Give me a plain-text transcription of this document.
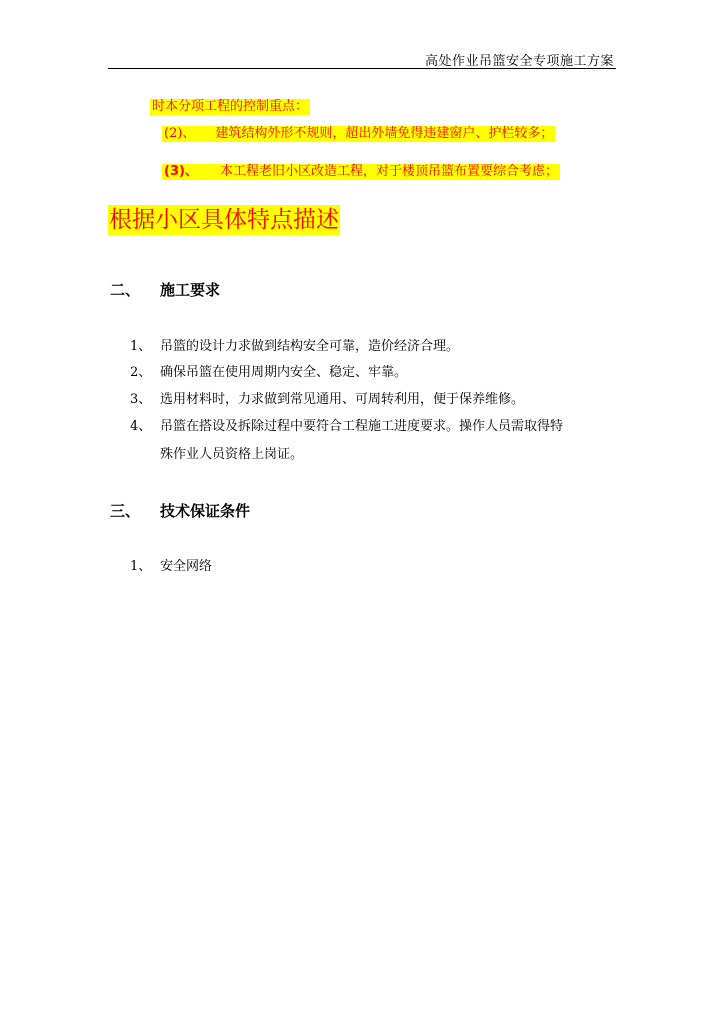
高处作业吊篮安全专项施工方案
时本分项工程的控制重点：
(2)、 建筑结构外形不规则，超出外墙免得违建窗户、护栏较多；
(3)、 本工程老旧小区改造工程，对于楼顶吊篮布置要综合考虑；
根据小区具体特点描述
二、 施工要求
1、 吊篮的设计力求做到结构安全可靠，造价经济合理。
2、 确保吊篮在使用周期内安全、稳定、牢靠。
3、 选用材料时，力求做到常见通用、可周转利用，便于保养维修。
4、 吊篮在搭设及拆除过程中要符合工程施工进度要求。操作人员需取得特
殊作业人员资格上岗证。
三、 技术保证条件
1、 安全网络
